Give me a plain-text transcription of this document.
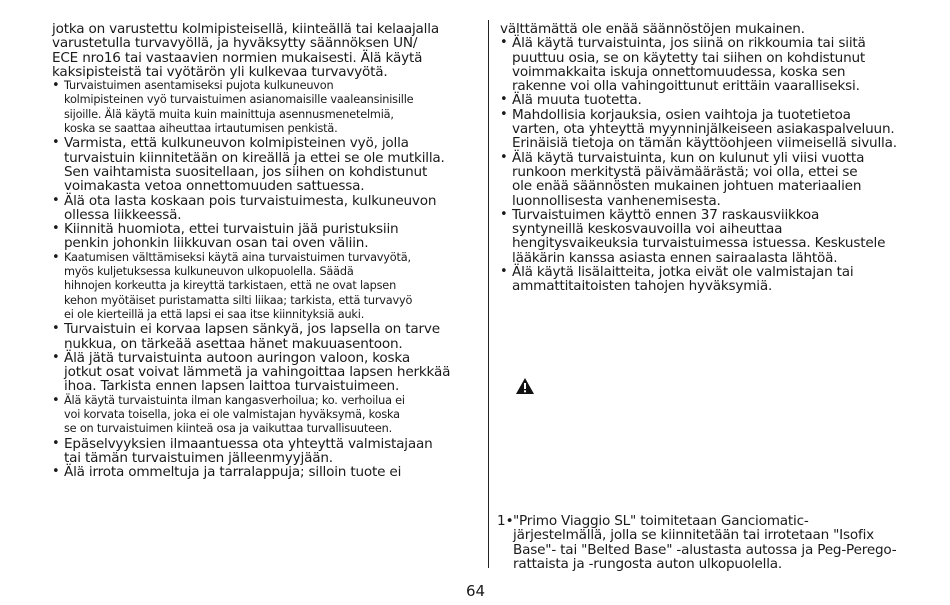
jotka on varustettu kolmipisteisellä, kiinteällä tai kelaajalla
varustetulla turvavyöllä, ja hyväksytty säännöksen UN/
ECE nro16 tai vastaavien normien mukaisesti. Älä käytä
kaksipisteistä tai vyötärön yli kulkevaa turvavyötä.
• Turvaistuimen asentamiseksi pujota kulkuneuvon
kolmipisteinen vyö turvaistuimen asianomaisille vaaleansinisille
sijoille. Älä käytä muita kuin mainittuja asennusmenetelmiä,
koska se saattaa aiheuttaa irtautumisen penkistä.
• Varmista, että kulkuneuvon kolmipisteinen vyö, jolla
turvaistuin kiinnitetään on kireällä ja ettei se ole mutkilla.
Sen vaihtamista suositellaan, jos siihen on kohdistunut
voimakasta vetoa onnettomuuden sattuessa.
• Älä ota lasta koskaan pois turvaistuimesta, kulkuneuvon
ollessa liikkeessä.
• Kiinnitä huomiota, ettei turvaistuin jää puristuksiin
penkin johonkin liikkuvan osan tai oven väliin.
• Kaatumisen välttämiseksi käytä aina turvaistuimen turvavyötä,
myös kuljetuksessa kulkuneuvon ulkopuolella. Säädä
hihnojen korkeutta ja kireyttä tarkistaen, että ne ovat lapsen
kehon myötäiset puristamatta silti liikaa; tarkista, että turvavyö
ei ole kierteillä ja että lapsi ei saa itse kiinnityksiä auki.
• Turvaistuin ei korvaa lapsen sänkyä, jos lapsella on tarve
nukkua, on tärkeää asettaa hänet makuuasentoon.
• Älä jätä turvaistuinta autoon auringon valoon, koska
jotkut osat voivat lämmetä ja vahingoittaa lapsen herkkää
ihoa. Tarkista ennen lapsen laittoa turvaistuimeen.
• Älä käytä turvaistuinta ilman kangasverhoilua; ko. verhoilua ei
voi korvata toisella, joka ei ole valmistajan hyväksymä, koska
se on turvaistuimen kiinteä osa ja vaikuttaa turvallisuuteen.
• Epäselvyyksien ilmaantuessa ota yhteyttä valmistajaan
tai tämän turvaistuimen jälleenmyyjään.
• Älä irrota ommeltuja ja tarralappuja; silloin tuote ei
välttämättä ole enää säännöstöjen mukainen.
• Älä käytä turvaistuinta, jos siinä on rikkoumia tai siitä
puuttuu osia, se on käytetty tai siihen on kohdistunut
voimmakkaita iskuja onnettomuudessa, koska sen
rakenne voi olla vahingoittunut erittäin vaaralliseksi.
• Älä muuta tuotetta.
• Mahdollisia korjauksia, osien vaihtoja ja tuotetietoa
varten, ota yhteyttä myynninjälkeiseen asiakaspalveluun.
Erinäisiä tietoja on tämän käyttöohjeen viimeisellä sivulla.
• Älä käytä turvaistuinta, kun on kulunut yli viisi vuotta
runkoon merkitystä päivämäärästä; voi olla, ettei se
ole enää säännösten mukainen johtuen materiaalien
luonnollisesta vanhenemisesta.
• Turvaistuimen käyttö ennen 37 raskausviikkoa
syntyneillä keskosvauvoilla voi aiheuttaa
hengitysvaikeuksia turvaistuimessa istuessa. Keskustele
lääkärin kanssa asiasta ennen sairaalasta lähtöä.
• Älä käytä lisälaitteita, jotka eivät ole valmistajan tai
ammattitaitoisten tahojen hyväksymiä.
1• "Primo Viaggio SL" toimitetaan Ganciomatic-
järjestelmällä, jolla se kiinnitetään tai irrotetaan "Isofix
Base"- tai "Belted Base" -alustasta autossa ja Peg-Perego-
rattaista ja -rungosta auton ulkopuolella.
64
